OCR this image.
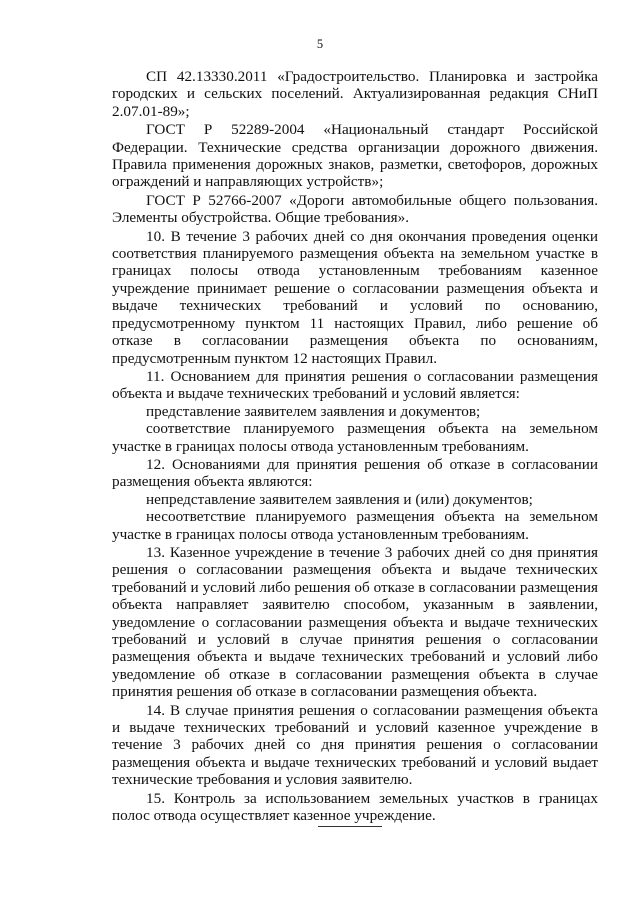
5

СП 42.13330.2011 «Градостроительство. Планировка и застройка городских и сельских поселений. Актуализированная редакция СНиП 2.07.01-89»;

ГОСТ Р 52289-2004 «Национальный стандарт Российской Федерации. Технические средства организации дорожного движения. Правила применения дорожных знаков, разметки, светофоров, дорожных ограждений и направляющих устройств»;

ГОСТ Р 52766-2007 «Дороги автомобильные общего пользования. Элементы обустройства. Общие требования».

10. В течение 3 рабочих дней со дня окончания проведения оценки соответствия планируемого размещения объекта на земельном участке в границах полосы отвода установленным требованиям казенное учреждение принимает решение о согласовании размещения объекта и выдаче технических требований и условий по основанию, предусмотренному пунктом 11 настоящих Правил, либо решение об отказе в согласовании размещения объекта по основаниям, предусмотренным пунктом 12 настоящих Правил.

11. Основанием для принятия решения о согласовании размещения объекта и выдаче технических требований и условий является:

представление заявителем заявления и документов;

соответствие планируемого размещения объекта на земельном участке в границах полосы отвода установленным требованиям.

12. Основаниями для принятия решения об отказе в согласовании размещения объекта являются:

непредставление заявителем заявления и (или) документов;

несоответствие планируемого размещения объекта на земельном участке в границах полосы отвода установленным требованиям.

13. Казенное учреждение в течение 3 рабочих дней со дня принятия решения о согласовании размещения объекта и выдаче технических требований и условий либо решения об отказе в согласовании размещения объекта направляет заявителю способом, указанным в заявлении, уведомление о согласовании размещения объекта и выдаче технических требований и условий в случае принятия решения о согласовании размещения объекта и выдаче технических требований и условий либо уведомление об отказе в согласовании размещения объекта в случае принятия решения об отказе в согласовании размещения объекта.

14. В случае принятия решения о согласовании размещения объекта и выдаче технических требований и условий казенное учреждение в течение 3 рабочих дней со дня принятия решения о согласовании размещения объекта и выдаче технических требований и условий выдает технические требования и условия заявителю.

15. Контроль за использованием земельных участков в границах полос отвода осуществляет казенное учреждение.
